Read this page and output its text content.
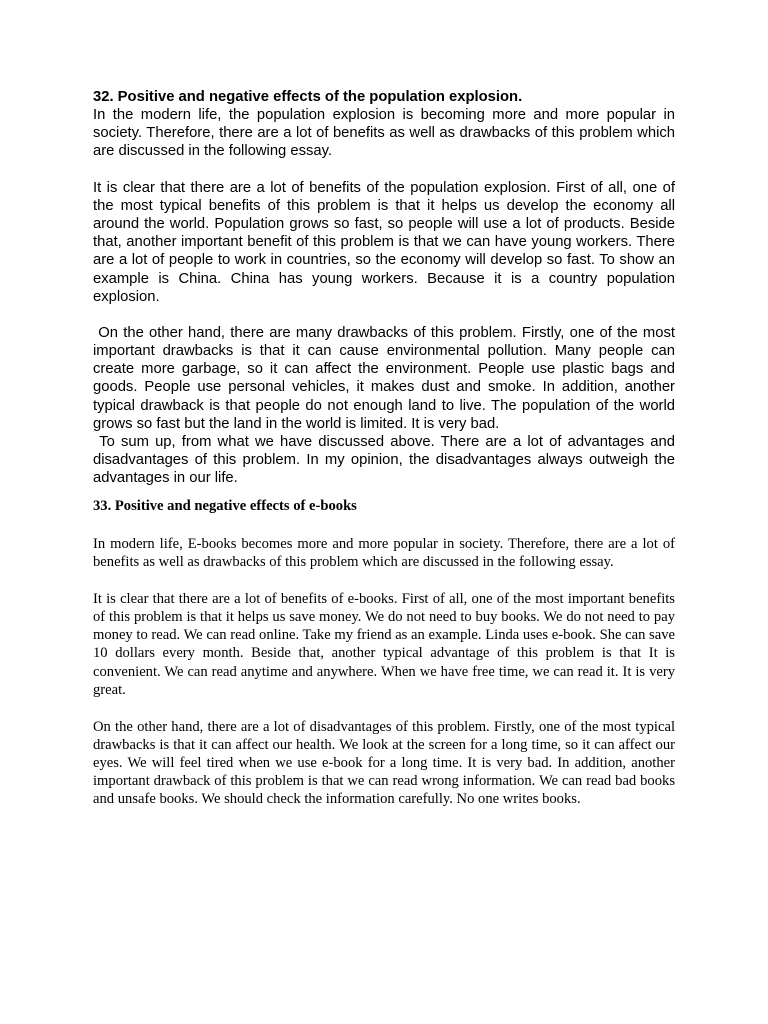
32. Positive and negative effects of the population explosion.

In the modern life, the population explosion is becoming more and more popular in society. Therefore, there are a lot of benefits as well as drawbacks of this problem which are discussed in the following essay.

It is clear that there are a lot of benefits of the population explosion. First of all, one of the most typical benefits of this problem is that it helps us develop the economy all around the world. Population grows so fast, so people will use a lot of products. Beside that, another important benefit of this problem is that we can have young workers. There are a lot of people to work in countries, so the economy will develop so fast. To show an example is China. China has young workers. Because it is a country population explosion.

On the other hand, there are many drawbacks of this problem. Firstly, one of the most important drawbacks is that it can cause environmental pollution. Many people can create more garbage, so it can affect the environment. People use plastic bags and goods. People use personal vehicles, it makes dust and smoke. In addition, another typical drawback is that people do not enough land to live. The population of the world grows so fast but the land in the world is limited. It is very bad.

To sum up, from what we have discussed above. There are a lot of advantages and disadvantages of this problem. In my opinion, the disadvantages always outweigh the advantages in our life.

33. Positive and negative effects of e-books

In modern life, E-books becomes more and more popular in society. Therefore, there are a lot of benefits as well as drawbacks of this problem which are discussed in the following essay.

It is clear that there are a lot of benefits of e-books. First of all, one of the most important benefits of this problem is that it helps us save money. We do not need to buy books. We do not need to pay money to read. We can read online. Take my friend as an example. Linda uses e-book. She can save 10 dollars every month. Beside that, another typical advantage of this problem is that It is convenient. We can read anytime and anywhere. When we have free time, we can read it. It is very great.

On the other hand, there are a lot of disadvantages of this problem. Firstly, one of the most typical drawbacks is that it can affect our health. We look at the screen for a long time, so it can affect our eyes. We will feel tired when we use e-book for a long time. It is very bad. In addition, another important drawback of this problem is that we can read wrong information. We can read bad books and unsafe books. We should check the information carefully. No one writes books.
